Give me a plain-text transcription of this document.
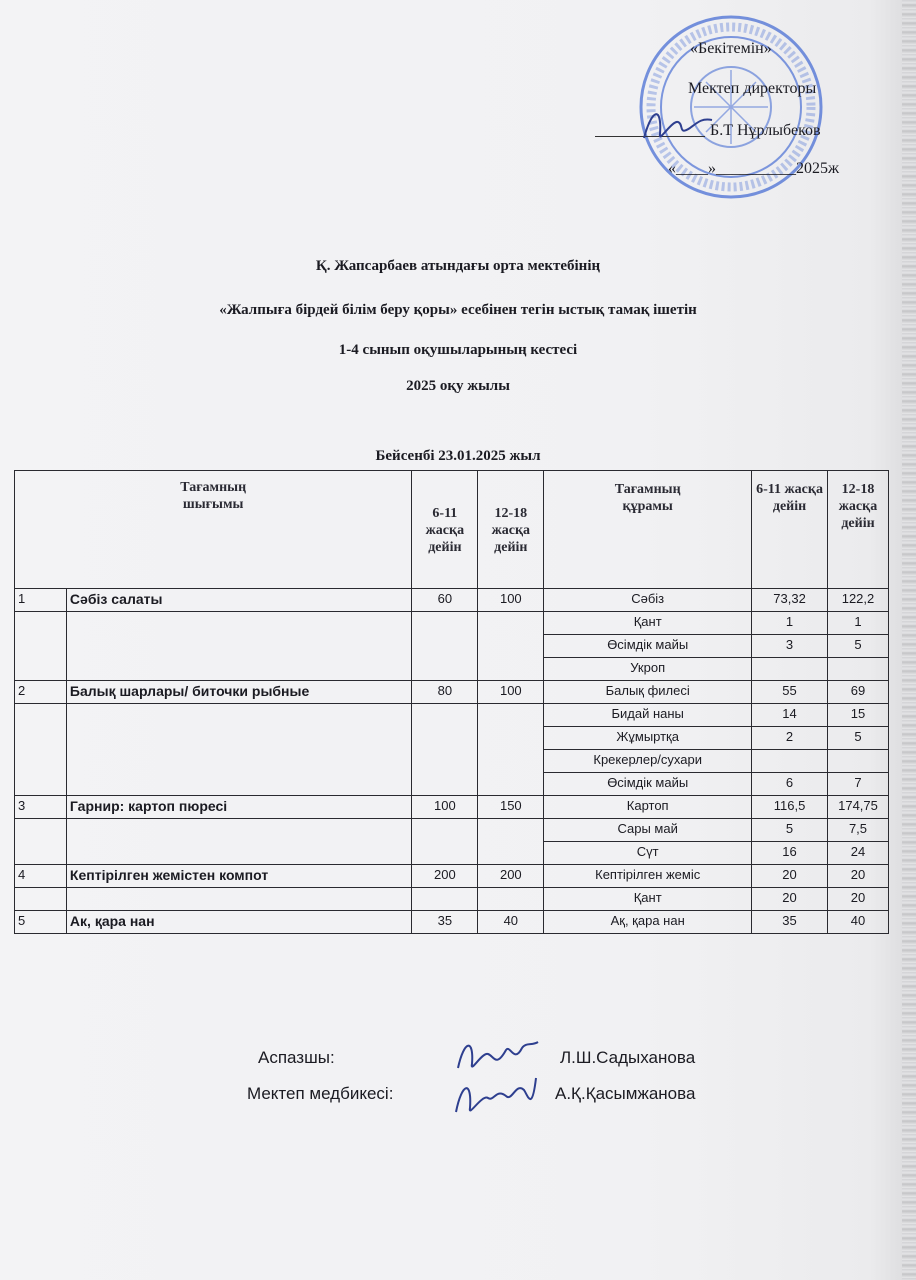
«Бекітемін»
Мектеп директоры
Б.Т Нұрлыбеков
«____»__________2025ж
Қ. Жапсарбаев атындағы орта мектебінің
«Жалпыға бірдей білім беру қоры» есебінен тегін ыстық тамақ ішетін
1-4 сынып оқушыларының кестесі
2025 оқу жылы
Бейсенбі 23.01.2025 жыл
Тағамның шығымы		6-11 жасқа дейін	12-18 жасқа дейін	Тағамның құрамы	6-11 жасқа дейін	12-18 жасқа дейін

1	Сәбіз салаты	60	100	Сәбіз	73,32	122,2
				Қант	1	1
				Өсімдік майы	3	5
				Укроп		
2	Балық шарлары/ биточки рыбные	80	100	Балық филесі	55	69
				Бидай наны	14	15
				Жұмыртқа	2	5
				Крекерлер/сухари		
				Өсімдік майы	6	7
3	Гарнир: картоп пюресі	100	150	Картоп	116,5	174,75
				Сары май	5	7,5
				Сүт	16	24
4	Кептірілген жемістен компот	200	200	Кептірілген жеміс	20	20
				Қант	20	20
5	Ак, қара нан	35	40	Ақ, қара нан	35	40
Аспазшы:	Л.Ш.Садыханова
Мектеп медбикесі:	А.Қ.Қасымжанова
